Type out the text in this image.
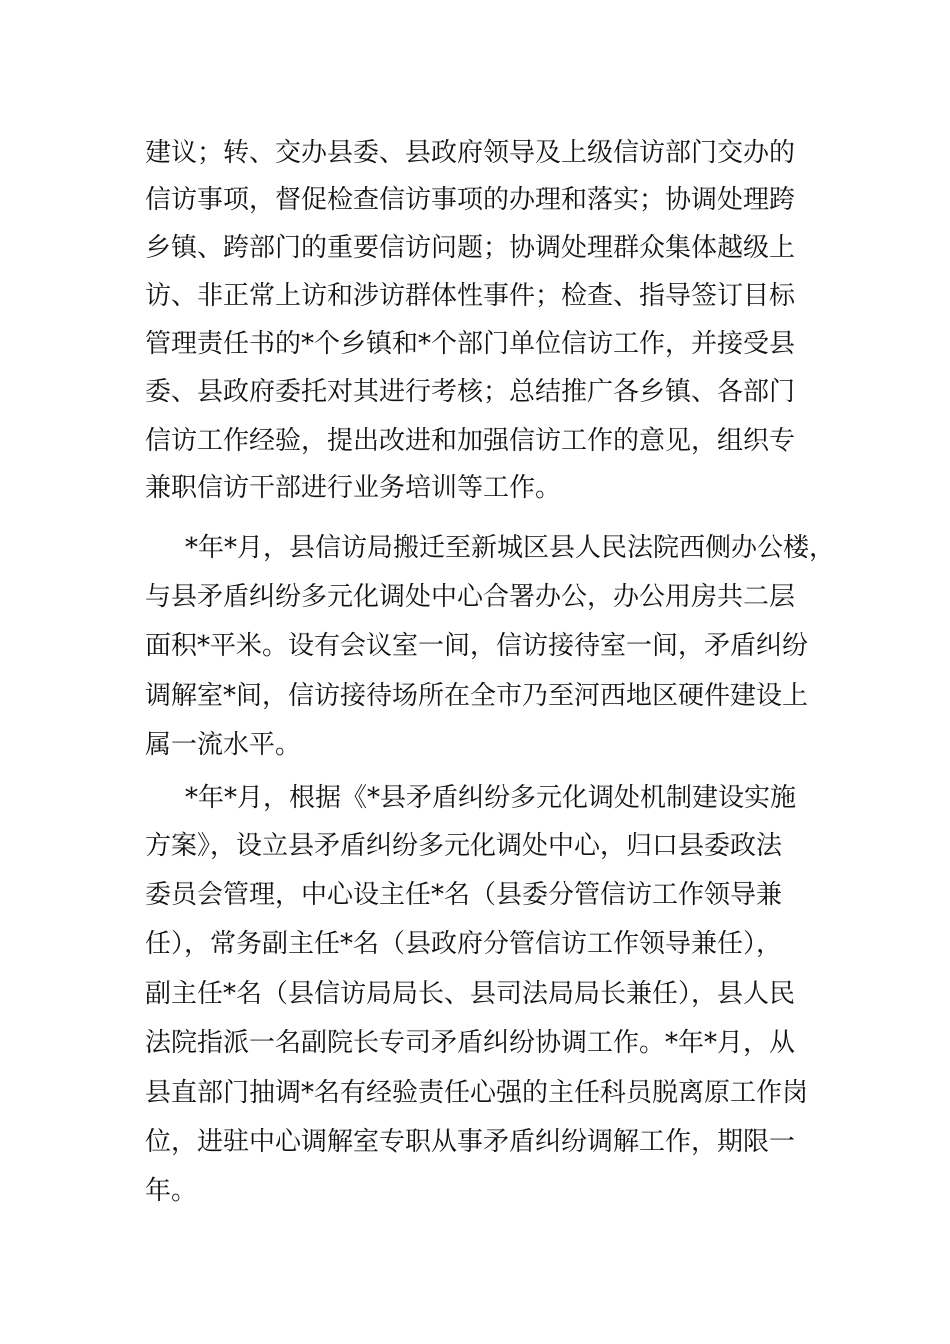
建议；转、交办县委、县政府领导及上级信访部门交办的
信访事项，督促检查信访事项的办理和落实；协调处理跨
乡镇、跨部门的重要信访问题；协调处理群众集体越级上
访、非正常上访和涉访群体性事件；检查、指导签订目标
管理责任书的*个乡镇和*个部门单位信访工作，并接受县
委、县政府委托对其进行考核；总结推广各乡镇、各部门
信访工作经验，提出改进和加强信访工作的意见，组织专
兼职信访干部进行业务培训等工作。
*年*月，县信访局搬迁至新城区县人民法院西侧办公楼，
与县矛盾纠纷多元化调处中心合署办公，办公用房共二层
面积*平米。设有会议室一间，信访接待室一间，矛盾纠纷
调解室*间，信访接待场所在全市乃至河西地区硬件建设上
属一流水平。
*年*月，根据《*县矛盾纠纷多元化调处机制建设实施
方案》，设立县矛盾纠纷多元化调处中心，归口县委政法
委员会管理，中心设主任*名（县委分管信访工作领导兼
任），常务副主任*名（县政府分管信访工作领导兼任），
副主任*名（县信访局局长、县司法局局长兼任），县人民
法院指派一名副院长专司矛盾纠纷协调工作。*年*月，从
县直部门抽调*名有经验责任心强的主任科员脱离原工作岗
位，进驻中心调解室专职从事矛盾纠纷调解工作，期限一
年。
